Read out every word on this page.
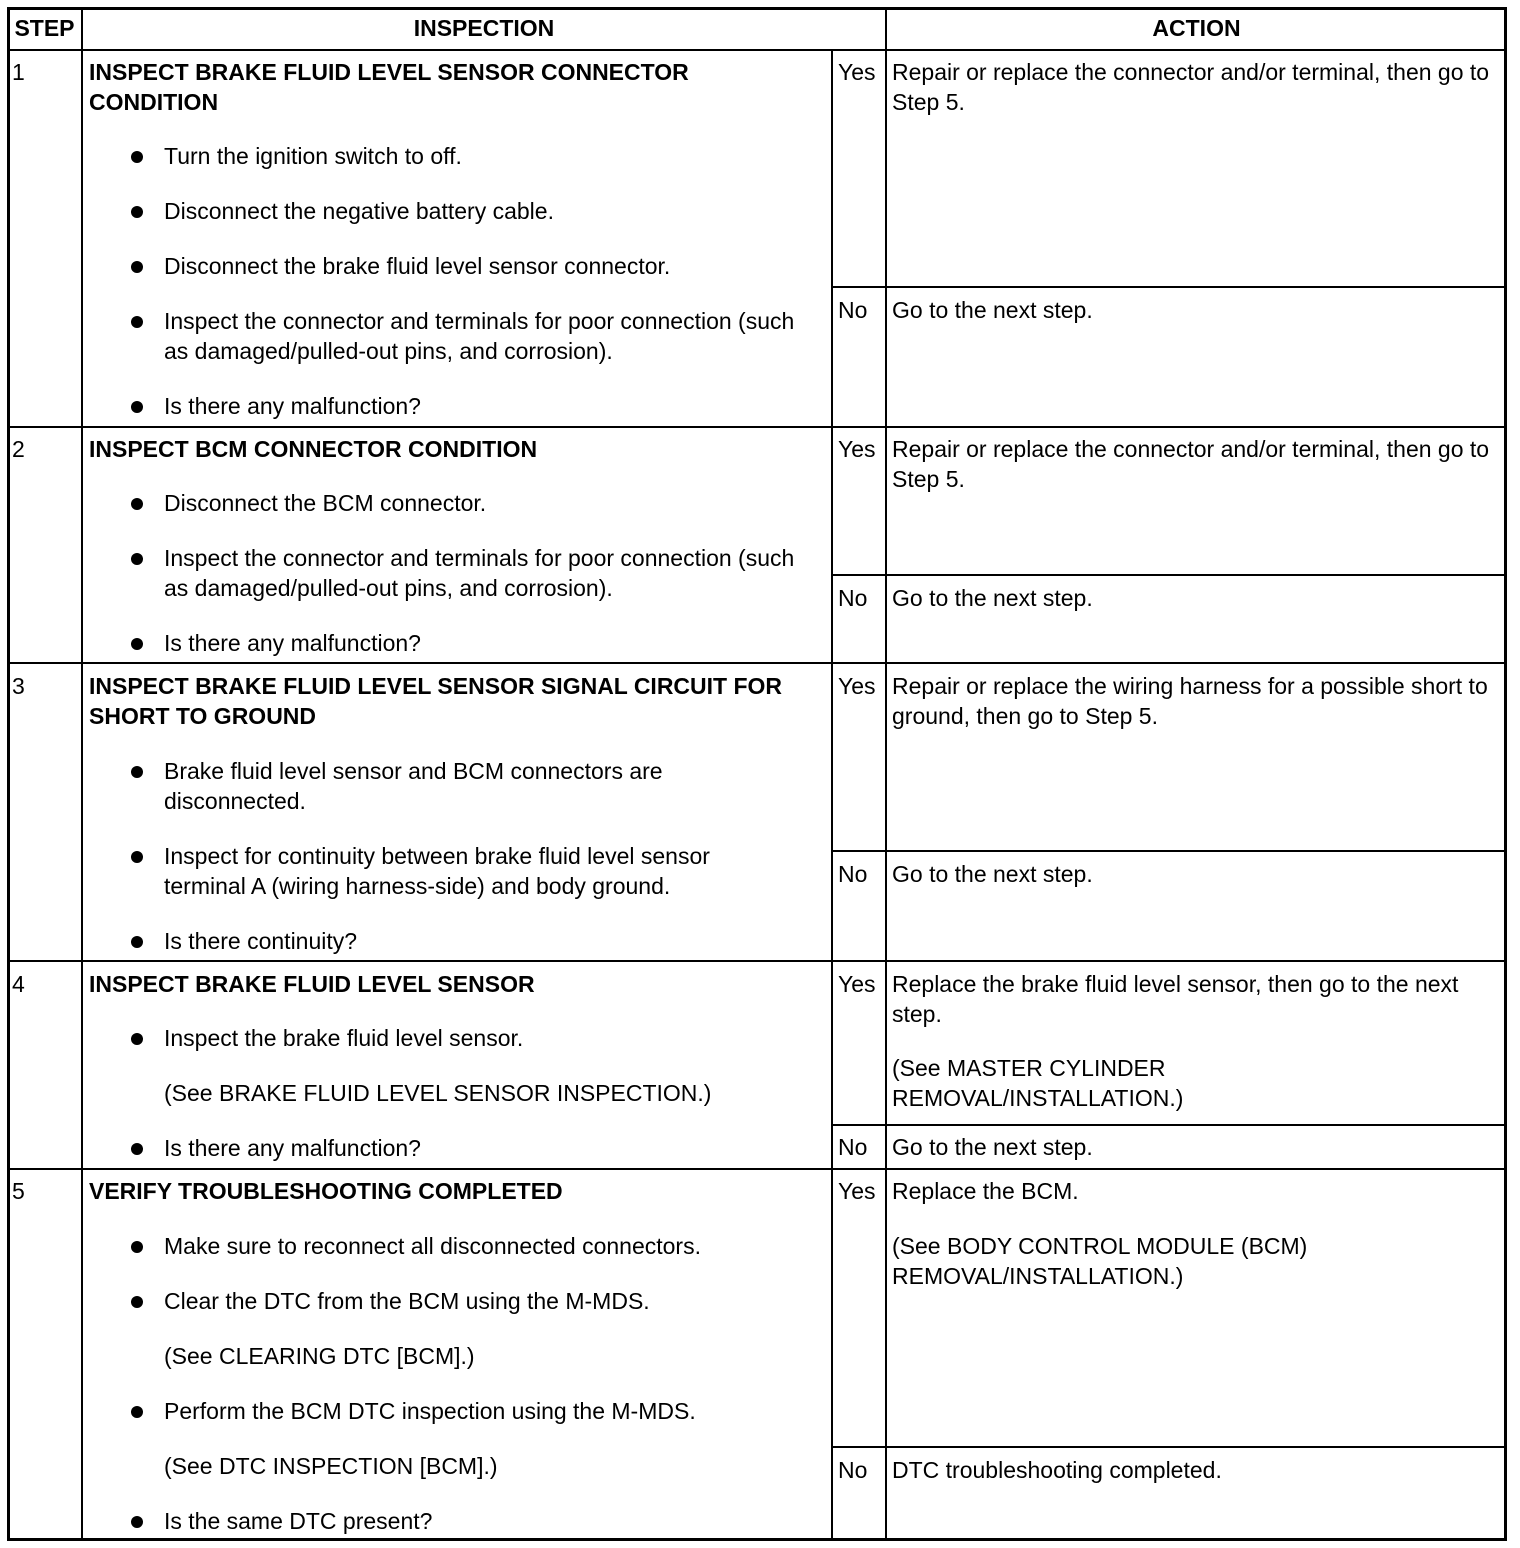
STEP	INSPECTION	ACTION
1	INSPECT BRAKE FLUID LEVEL SENSOR CONNECTOR CONDITION
Turn the ignition switch to off.
Disconnect the negative battery cable.
Disconnect the brake fluid level sensor connector.
Inspect the connector and terminals for poor connection (such as damaged/pulled-out pins, and corrosion).
Is there any malfunction?
Yes Repair or replace the connector and/or terminal, then go to Step 5.
No Go to the next step.
2	INSPECT BCM CONNECTOR CONDITION
Disconnect the BCM connector.
Inspect the connector and terminals for poor connection (such as damaged/pulled-out pins, and corrosion).
Is there any malfunction?
Yes Repair or replace the connector and/or terminal, then go to Step 5.
No Go to the next step.
3	INSPECT BRAKE FLUID LEVEL SENSOR SIGNAL CIRCUIT FOR SHORT TO GROUND
Brake fluid level sensor and BCM connectors are disconnected.
Inspect for continuity between brake fluid level sensor terminal A (wiring harness-side) and body ground.
Is there continuity?
Yes Repair or replace the wiring harness for a possible short to ground, then go to Step 5.
No Go to the next step.
4	INSPECT BRAKE FLUID LEVEL SENSOR
Inspect the brake fluid level sensor.
(See BRAKE FLUID LEVEL SENSOR INSPECTION.)
Is there any malfunction?
Yes Replace the brake fluid level sensor, then go to the next step.
(See MASTER CYLINDER REMOVAL/INSTALLATION.)
No Go to the next step.
5	VERIFY TROUBLESHOOTING COMPLETED
Make sure to reconnect all disconnected connectors.
Clear the DTC from the BCM using the M-MDS.
(See CLEARING DTC [BCM].)
Perform the BCM DTC inspection using the M-MDS.
(See DTC INSPECTION [BCM].)
Is the same DTC present?
Yes Replace the BCM.
(See BODY CONTROL MODULE (BCM) REMOVAL/INSTALLATION.)
No DTC troubleshooting completed.
